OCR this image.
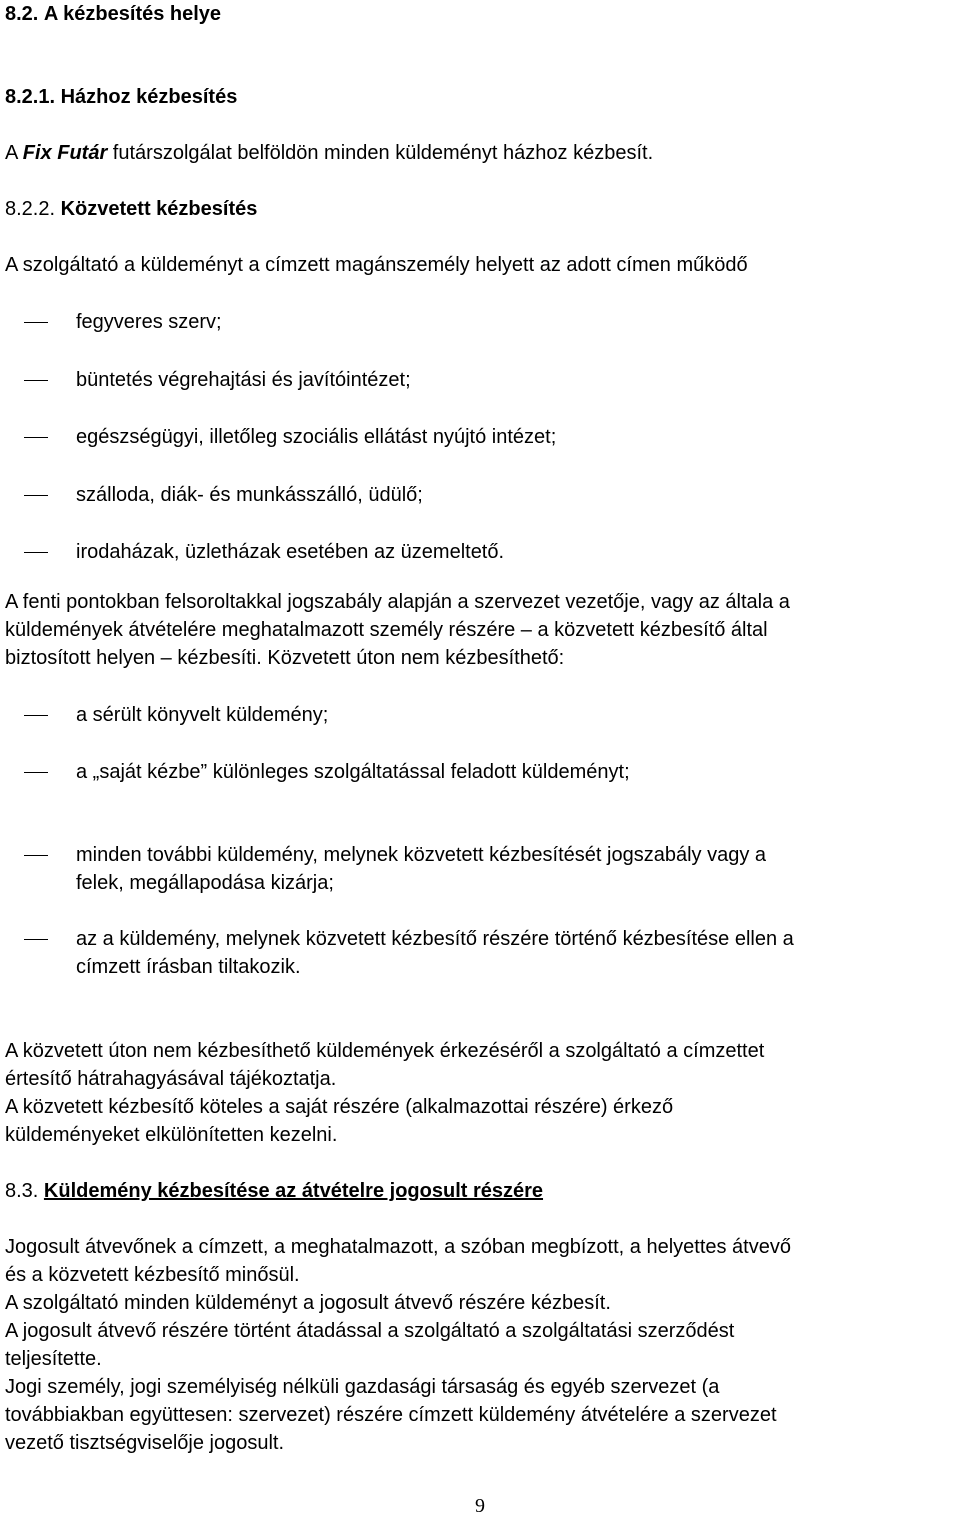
8.2. A kézbesítés helye
8.2.1. Házhoz kézbesítés
A Fix Futár futárszolgálat belföldön minden küldeményt házhoz kézbesít.
8.2.2. Közvetett kézbesítés
A szolgáltató a küldeményt a címzett magánszemély helyett az adott címen működő
fegyveres szerv;
büntetés végrehajtási és javítóintézet;
egészségügyi, illetőleg szociális ellátást nyújtó intézet;
szálloda, diák- és munkásszálló, üdülő;
irodaházak, üzletházak esetében az üzemeltető.
A fenti pontokban felsoroltakkal jogszabály alapján a szervezet vezetője, vagy az általa a
küldemények átvételére meghatalmazott személy részére – a közvetett kézbesítő által
biztosított helyen – kézbesíti. Közvetett úton nem kézbesíthető:
a sérült könyvelt küldemény;
a „saját kézbe” különleges szolgáltatással feladott küldeményt;
minden további küldemény, melynek közvetett kézbesítését jogszabály vagy a
felek, megállapodása kizárja;
az a küldemény, melynek közvetett kézbesítő részére történő kézbesítése ellen a
címzett írásban tiltakozik.
A közvetett úton nem kézbesíthető küldemények érkezéséről a szolgáltató a címzettet
értesítő hátrahagyásával tájékoztatja.
A közvetett kézbesítő köteles a saját részére (alkalmazottai részére) érkező
küldeményeket elkülönítetten kezelni.
8.3. Küldemény kézbesítése az átvételre jogosult részére
Jogosult átvevőnek a címzett, a meghatalmazott, a szóban megbízott, a helyettes átvevő
és a közvetett kézbesítő minősül.
A szolgáltató minden küldeményt a jogosult átvevő részére kézbesít.
A jogosult átvevő részére történt átadással a szolgáltató a szolgáltatási szerződést
teljesítette.
Jogi személy, jogi személyiség nélküli gazdasági társaság és egyéb szervezet (a
továbbiakban együttesen: szervezet) részére címzett küldemény átvételére a szervezet
vezető tisztségviselője jogosult.
9
